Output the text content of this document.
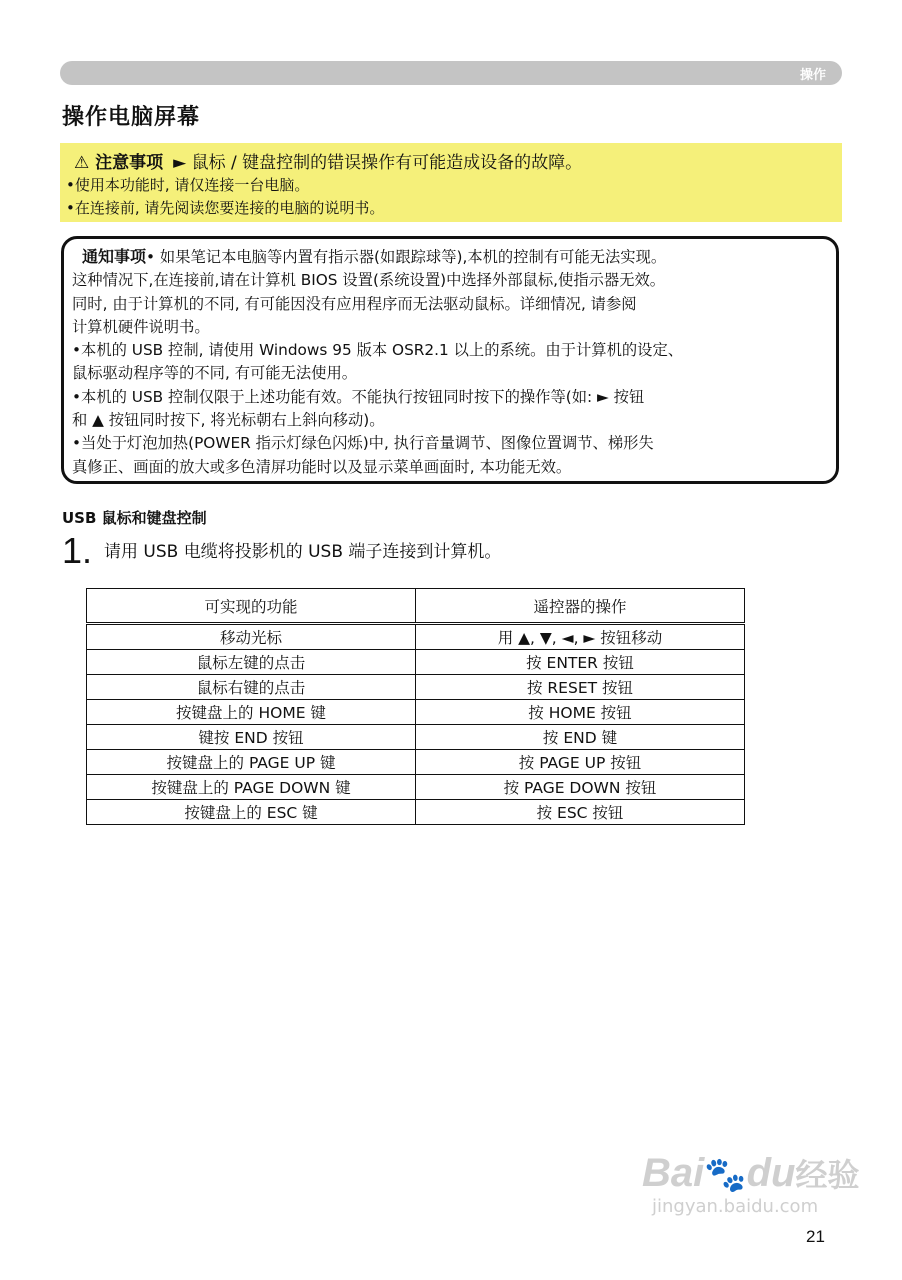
操作
操作电脑屏幕
⚠ 注意事项 ► 鼠标 / 键盘控制的错误操作有可能造成设备的故障。
•使用本功能时, 请仅连接一台电脑。
•在连接前, 请先阅读您要连接的电脑的说明书。
通知事项• 如果笔记本电脑等内置有指示器(如跟踪球等),本机的控制有可能无法实现。
这种情况下,在连接前,请在计算机 BIOS 设置(系统设置)中选择外部鼠标,使指示器无效。
同时, 由于计算机的不同, 有可能因没有应用程序而无法驱动鼠标。详细情况, 请参阅
计算机硬件说明书。
•本机的 USB 控制, 请使用 Windows 95 版本 OSR2.1 以上的系统。由于计算机的设定、
鼠标驱动程序等的不同, 有可能无法使用。
•本机的 USB 控制仅限于上述功能有效。不能执行按钮同时按下的操作等(如: ► 按钮
和 ▲ 按钮同时按下, 将光标朝右上斜向移动)。
•当处于灯泡加热(POWER 指示灯绿色闪烁)中, 执行音量调节、图像位置调节、梯形失
真修正、画面的放大或多色清屏功能时以及显示菜单画面时, 本功能无效。
USB 鼠标和键盘控制
1. 请用 USB 电缆将投影机的 USB 端子连接到计算机。
可实现的功能	遥控器的操作
移动光标	用 ▲, ▼, ◄, ► 按钮移动
鼠标左键的点击	按 ENTER 按钮
鼠标右键的点击	按 RESET 按钮
按键盘上的 HOME 键	按 HOME 按钮
键按 END 按钮	按 END 键
按键盘上的 PAGE UP 键	按 PAGE UP 按钮
按键盘上的 PAGE DOWN 键	按 PAGE DOWN 按钮
按键盘上的 ESC 键	按 ESC 按钮
Bai🐾du经验
jingyan.baidu.com
21
